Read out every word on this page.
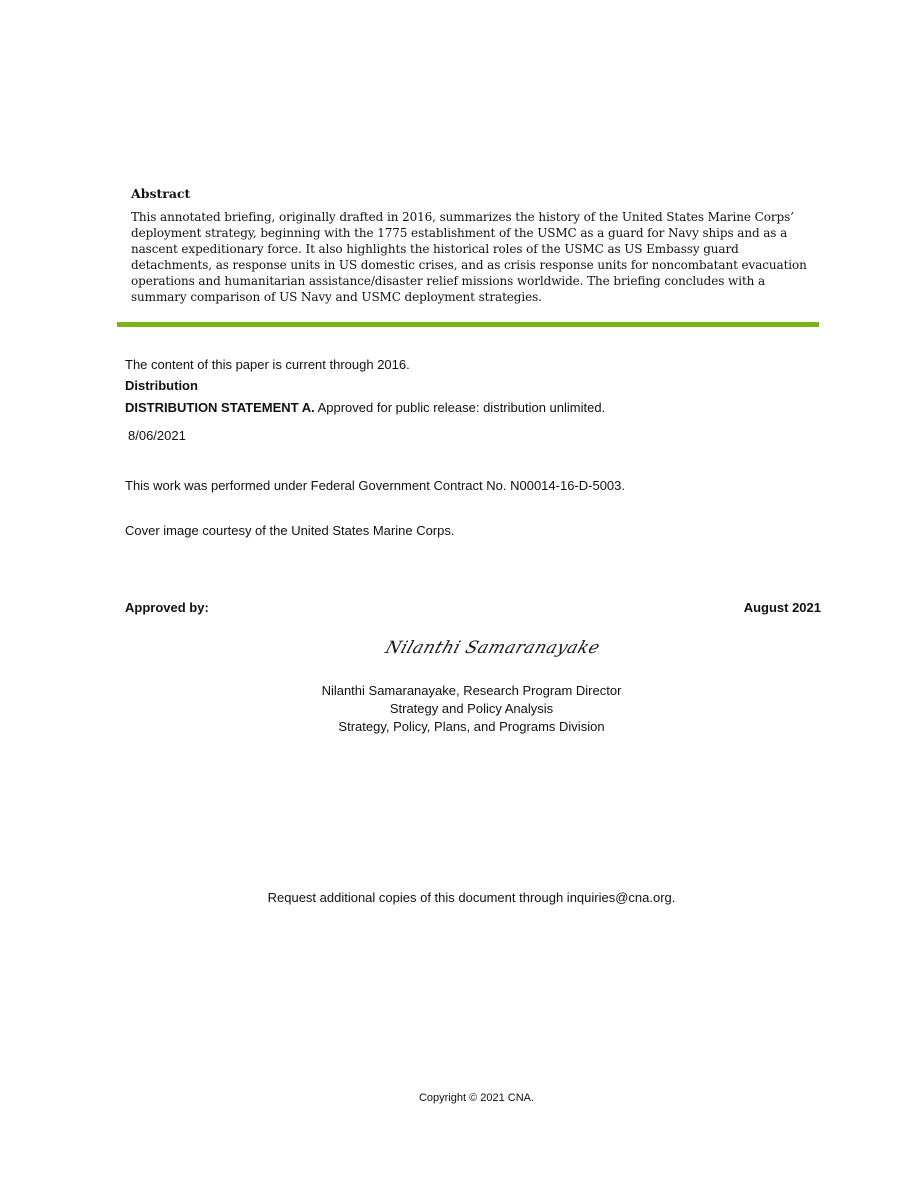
Abstract

This annotated briefing, originally drafted in 2016, summarizes the history of the United States Marine Corps’ deployment strategy, beginning with the 1775 establishment of the USMC as a guard for Navy ships and as a nascent expeditionary force. It also highlights the historical roles of the USMC as US Embassy guard detachments, as response units in US domestic crises, and as crisis response units for noncombatant evacuation operations and humanitarian assistance/disaster relief missions worldwide. The briefing concludes with a summary comparison of US Navy and USMC deployment strategies.

The content of this paper is current through 2016.

Distribution

DISTRIBUTION STATEMENT A. Approved for public release: distribution unlimited.

8/06/2021

This work was performed under Federal Government Contract No. N00014-16-D-5003.

Cover image courtesy of the United States Marine Corps.

Approved by:	August 2021

Nilanthi Samaranayake
Nilanthi Samaranayake, Research Program Director
Strategy and Policy Analysis
Strategy, Policy, Plans, and Programs Division
Request additional copies of this document through inquiries@cna.org.
Copyright © 2021 CNA.
